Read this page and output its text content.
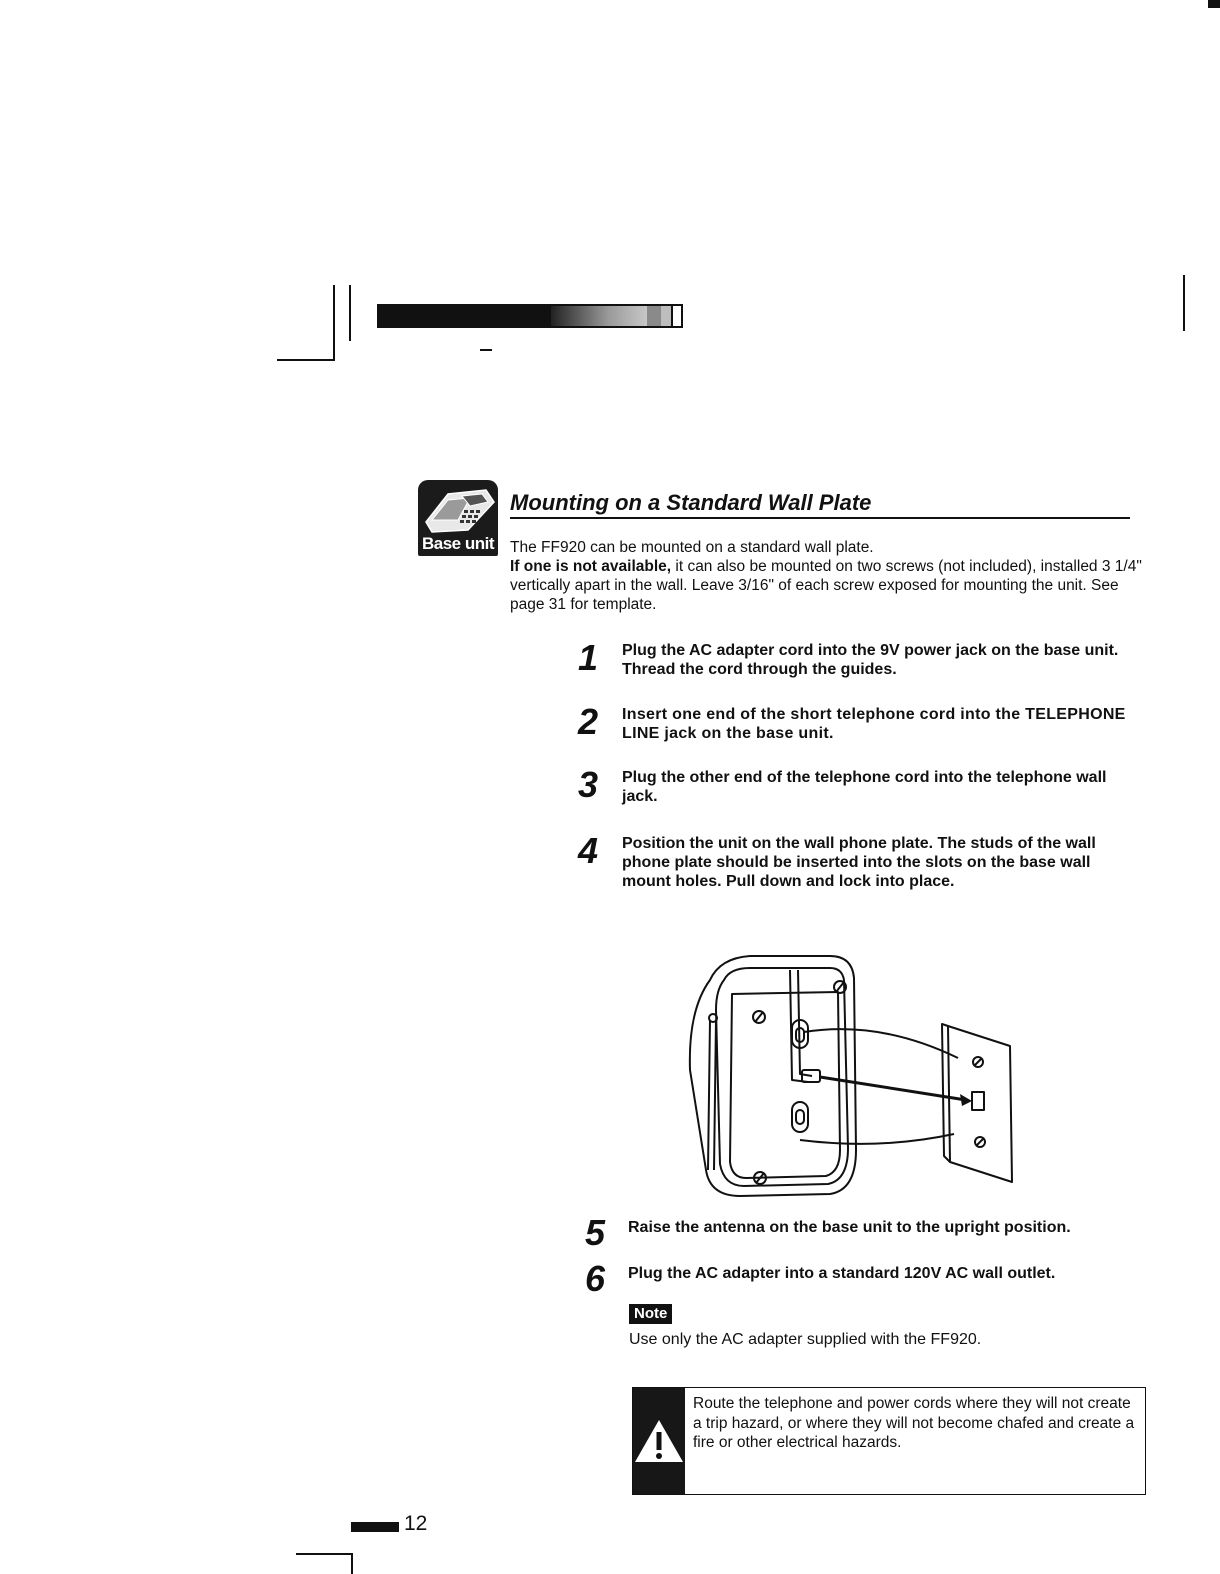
Base unit
Mounting on a Standard Wall Plate
The FF920 can be mounted on a standard wall plate.
If one is not available, it can also be mounted on two screws (not included), installed 3 1/4" vertically apart in the wall. Leave 3/16" of each screw exposed for mounting the unit. See page 31 for template.
1 Plug the AC adapter cord into the 9V power jack on the base unit. Thread the cord through the guides.
2 Insert one end of the short telephone cord into the TELEPHONE LINE jack on the base unit.
3 Plug the other end of the telephone cord into the telephone wall jack.
4 Position the unit on the wall phone plate. The studs of the wall phone plate should be inserted into the slots on the base wall mount holes. Pull down and lock into place.
5 Raise the antenna on the base unit to the upright position.
6 Plug the AC adapter into a standard 120V AC wall outlet.
Note
Use only the AC adapter supplied with the FF920.
Route the telephone and power cords where they will not create a trip hazard, or where they will not become chafed and create a fire or other electrical hazards.
12
